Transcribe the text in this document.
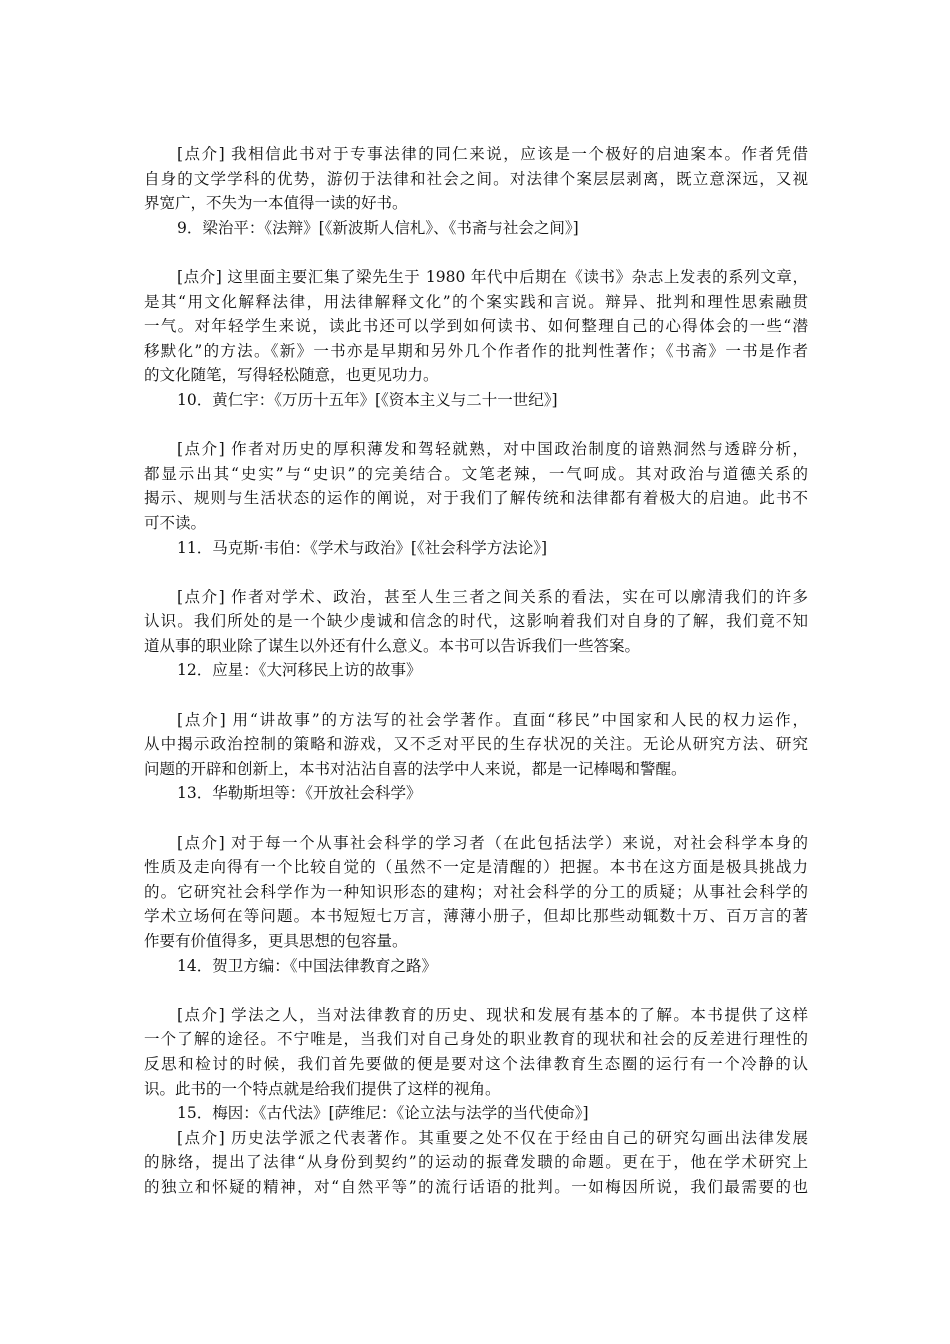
[点介] 我相信此书对于专事法律的同仁来说，应该是一个极好的启迪案本。作者凭借

自身的文学学科的优势，游仞于法律和社会之间。对法律个案层层剥离，既立意深远，又视

界宽广，不失为一本值得一读的好书。

9．梁治平：《法辩》[《新波斯人信札》、《书斋与社会之间》]

[点介] 这里面主要汇集了梁先生于 1980 年代中后期在《读书》杂志上发表的系列文章，

是其“用文化解释法律，用法律解释文化”的个案实践和言说。辩异、批判和理性思索融贯

一气。对年轻学生来说，读此书还可以学到如何读书、如何整理自己的心得体会的一些“潜

移默化”的方法。《新》一书亦是早期和另外几个作者作的批判性著作；《书斋》一书是作者

的文化随笔，写得轻松随意，也更见功力。

10．黄仁宇：《万历十五年》[《资本主义与二十一世纪》]

[点介] 作者对历史的厚积薄发和驾轻就熟，对中国政治制度的谙熟洞然与透辟分析，

都显示出其“史实”与“史识”的完美结合。文笔老辣，一气呵成。其对政治与道德关系的

揭示、规则与生活状态的运作的阐说，对于我们了解传统和法律都有着极大的启迪。此书不

可不读。

11．马克斯·韦伯：《学术与政治》[《社会科学方法论》]

[点介] 作者对学术、政治，甚至人生三者之间关系的看法，实在可以廓清我们的许多

认识。我们所处的是一个缺少虔诚和信念的时代，这影响着我们对自身的了解，我们竟不知

道从事的职业除了谋生以外还有什么意义。本书可以告诉我们一些答案。

12．应星：《大河移民上访的故事》

[点介] 用“讲故事”的方法写的社会学著作。直面“移民”中国家和人民的权力运作，

从中揭示政治控制的策略和游戏，又不乏对平民的生存状况的关注。无论从研究方法、研究

问题的开辟和创新上，本书对沾沾自喜的法学中人来说，都是一记棒喝和警醒。

13．华勒斯坦等：《开放社会科学》

[点介] 对于每一个从事社会科学的学习者（在此包括法学）来说，对社会科学本身的

性质及走向得有一个比较自觉的（虽然不一定是清醒的）把握。本书在这方面是极具挑战力

的。它研究社会科学作为一种知识形态的建构；对社会科学的分工的质疑；从事社会科学的

学术立场何在等问题。本书短短七万言，薄薄小册子，但却比那些动辄数十万、百万言的著

作要有价值得多，更具思想的包容量。

14．贺卫方编：《中国法律教育之路》

[点介] 学法之人，当对法律教育的历史、现状和发展有基本的了解。本书提供了这样

一个了解的途径。不宁唯是，当我们对自己身处的职业教育的现状和社会的反差进行理性的

反思和检讨的时候，我们首先要做的便是要对这个法律教育生态圈的运行有一个冷静的认

识。此书的一个特点就是给我们提供了这样的视角。

15．梅因：《古代法》[萨维尼：《论立法与法学的当代使命》]

[点介] 历史法学派之代表著作。其重要之处不仅在于经由自己的研究勾画出法律发展

的脉络，提出了法律“从身份到契约”的运动的振聋发聩的命题。更在于，他在学术研究上

的独立和怀疑的精神，对“自然平等”的流行话语的批判。一如梅因所说，我们最需要的也
